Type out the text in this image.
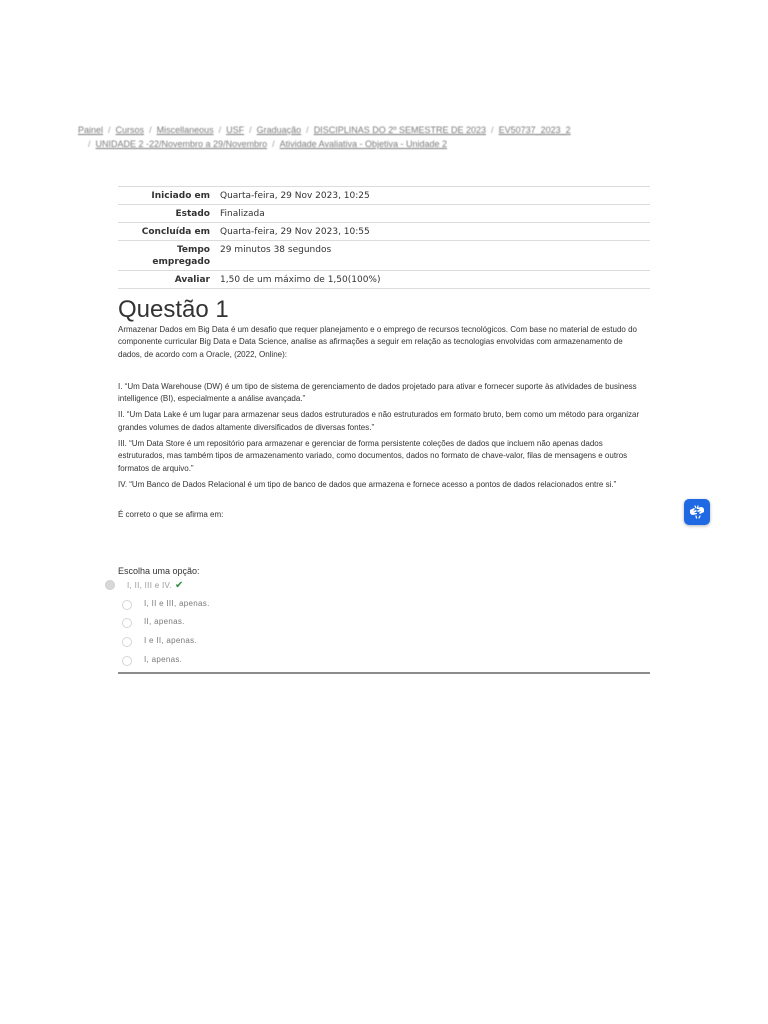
Painel / Cursos / Miscellaneous / USF / Graduação / DISCIPLINAS DO 2º SEMESTRE DE 2023 / EV50737_2023_2
/ UNIDADE 2 -22/Novembro a 29/Novembro / Atividade Avaliativa - Objetiva - Unidade 2
Iniciado em	Quarta-feira, 29 Nov 2023, 10:25
Estado	Finalizada
Concluída em	Quarta-feira, 29 Nov 2023, 10:55
Tempo empregado	29 minutos 38 segundos
Avaliar	1,50 de um máximo de 1,50(100%)
Questão 1

Armazenar Dados em Big Data é um desafio que requer planejamento e o emprego de recursos tecnológicos. Com base no material de estudo do componente curricular Big Data e Data Science, analise as afirmações a seguir em relação as tecnologias envolvidas com armazenamento de dados, de acordo com a Oracle, (2022, Online):

I. “Um Data Warehouse (DW) é um tipo de sistema de gerenciamento de dados projetado para ativar e fornecer suporte às atividades de business intelligence (BI), especialmente a análise avançada.”

II. “Um Data Lake é um lugar para armazenar seus dados estruturados e não estruturados em formato bruto, bem como um método para organizar grandes volumes de dados altamente diversificados de diversas fontes.”

III. “Um Data Store é um repositório para armazenar e gerenciar de forma persistente coleções de dados que incluem não apenas dados estruturados, mas também tipos de armazenamento variado, como documentos, dados no formato de chave-valor, filas de mensagens e outros formatos de arquivo.”

IV. “Um Banco de Dados Relacional é um tipo de banco de dados que armazena e fornece acesso a pontos de dados relacionados entre si.”

É correto o que se afirma em:

Escolha uma opção:
I, II, III e IV. ✔
I, II e III, apenas.
II, apenas.
I e II, apenas.
I, apenas.
